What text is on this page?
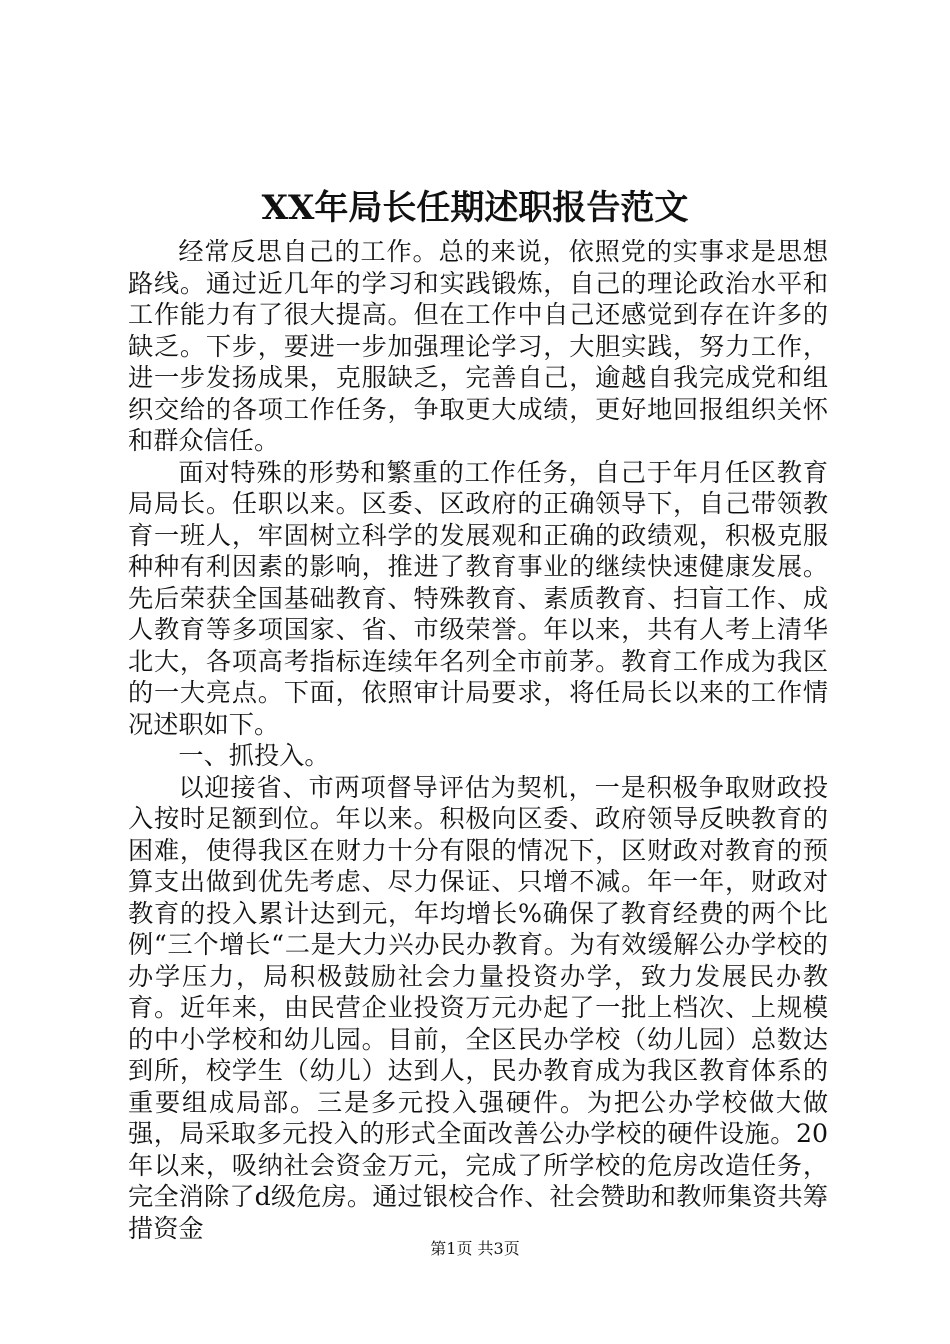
XX年局长任期述职报告范文

经常反思自己的工作。总的来说，依照党的实事求是思想路线。通过近几年的学习和实践锻炼，自己的理论政治水平和工作能力有了很大提高。但在工作中自己还感觉到存在许多的缺乏。下步，要进一步加强理论学习，大胆实践，努力工作，进一步发扬成果，克服缺乏，完善自己，逾越自我完成党和组织交给的各项工作任务，争取更大成绩，更好地回报组织关怀和群众信任。

面对特殊的形势和繁重的工作任务，自己于年月任区教育局局长。任职以来。区委、区政府的正确领导下，自己带领教育一班人，牢固树立科学的发展观和正确的政绩观，积极克服种种有利因素的影响，推进了教育事业的继续快速健康发展。先后荣获全国基础教育、特殊教育、素质教育、扫盲工作、成人教育等多项国家、省、市级荣誉。年以来，共有人考上清华北大，各项高考指标连续年名列全市前茅。教育工作成为我区的一大亮点。下面，依照审计局要求，将任局长以来的工作情况述职如下。

一、抓投入。

以迎接省、市两项督导评估为契机，一是积极争取财政投入按时足额到位。年以来。积极向区委、政府领导反映教育的困难，使得我区在财力十分有限的情况下，区财政对教育的预算支出做到优先考虑、尽力保证、只增不减。年一年，财政对教育的投入累计达到元，年均增长%确保了教育经费的两个比例“三个增长“二是大力兴办民办教育。为有效缓解公办学校的办学压力，局积极鼓励社会力量投资办学，致力发展民办教育。近年来，由民营企业投资万元办起了一批上档次、上规模的中小学校和幼儿园。目前，全区民办学校（幼儿园）总数达到所，校学生（幼儿）达到人，民办教育成为我区教育体系的重要组成局部。三是多元投入强硬件。为把公办学校做大做强，局采取多元投入的形式全面改善公办学校的硬件设施。20年以来，吸纳社会资金万元，完成了所学校的危房改造任务，完全消除了d级危房。通过银校合作、社会赞助和教师集资共筹措资金

第1页 共3页
